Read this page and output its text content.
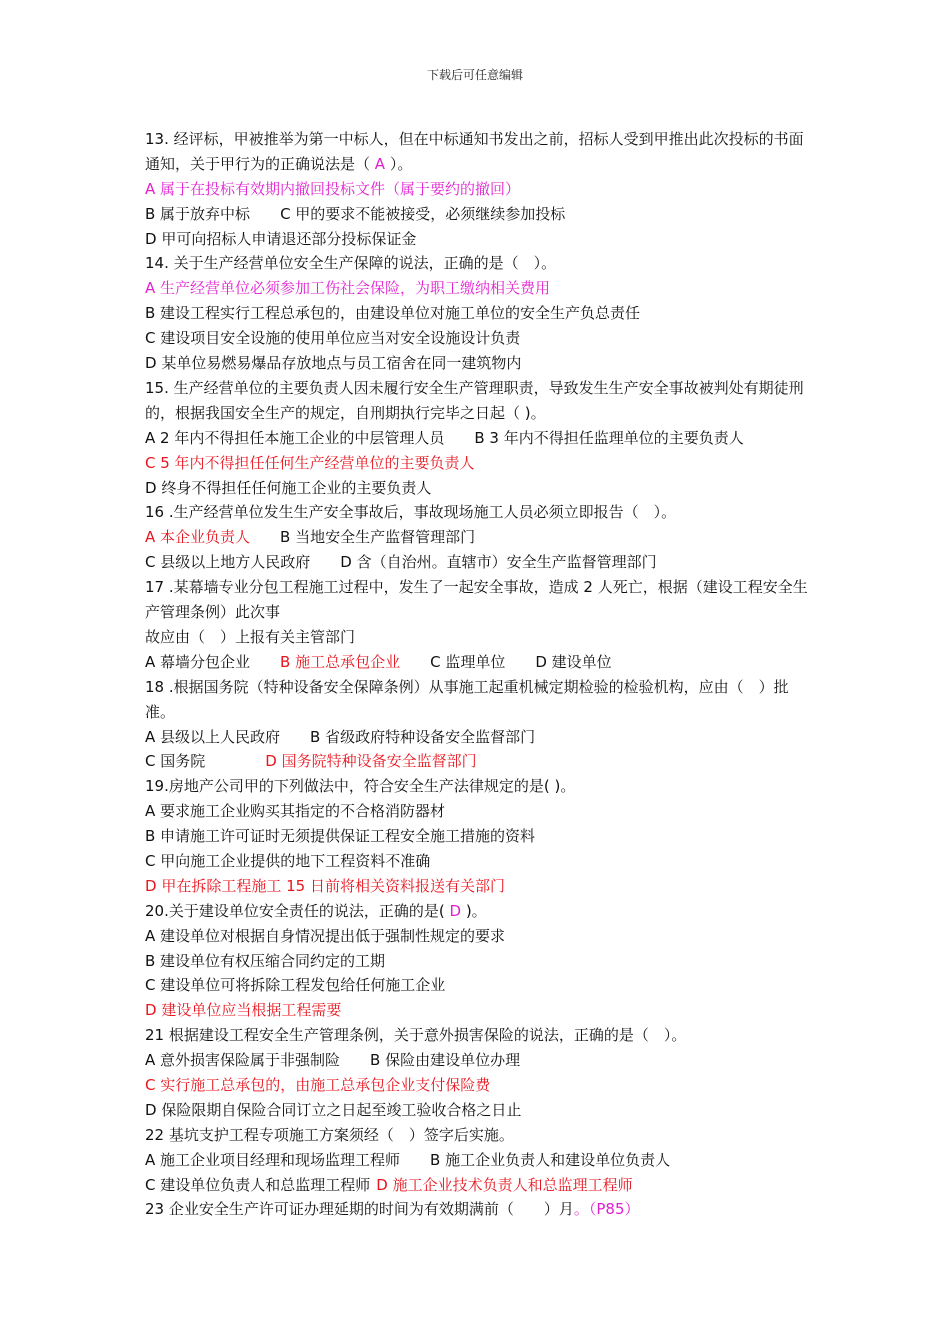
下载后可任意编辑
13. 经评标，甲被推举为第一中标人，但在中标通知书发出之前，招标人受到甲推出此次投标的书面通知，关于甲行为的正确说法是（ A ）。
A 属于在投标有效期内撤回投标文件（属于要约的撤回）
B 属于放弃中标 C 甲的要求不能被接受，必须继续参加投标
D 甲可向招标人申请退还部分投标保证金
14. 关于生产经营单位安全生产保障的说法，正确的是（　）。
A 生产经营单位必须参加工伤社会保险，为职工缴纳相关费用
B 建设工程实行工程总承包的，由建设单位对施工单位的安全生产负总责任
C 建设项目安全设施的使用单位应当对安全设施设计负责
D 某单位易燃易爆品存放地点与员工宿舍在同一建筑物内
15. 生产经营单位的主要负责人因未履行安全生产管理职责，导致发生生产安全事故被判处有期徒刑的，根据我国安全生产的规定，自刑期执行完毕之日起（ )。
A 2 年内不得担任本施工企业的中层管理人员 B 3 年内不得担任监理单位的主要负责人
C 5 年内不得担任任何生产经营单位的主要负责人
D 终身不得担任任何施工企业的主要负责人
16 .生产经营单位发生生产安全事故后，事故现场施工人员必须立即报告（　）。
A 本企业负责人 B 当地安全生产监督管理部门
C 县级以上地方人民政府 D 含（自治州。直辖市）安全生产监督管理部门
17 .某幕墙专业分包工程施工过程中，发生了一起安全事故，造成 2 人死亡，根据（建设工程安全生产管理条例）此次事
故应由（　）上报有关主管部门
A 幕墙分包企业 B 施工总承包企业 C 监理单位 D 建设单位
18 .根据国务院（特种设备安全保障条例）从事施工起重机械定期检验的检验机构，应由（　）批准。
A 县级以上人民政府 B 省级政府特种设备安全监督部门
C 国务院	D 国务院特种设备安全监督部门
19.房地产公司甲的下列做法中，符合安全生产法律规定的是( )。
A 要求施工企业购买其指定的不合格消防器材
B 申请施工许可证时无须提供保证工程安全施工措施的资料
C 甲向施工企业提供的地下工程资料不准确
D 甲在拆除工程施工 15 日前将相关资料报送有关部门
20.关于建设单位安全责任的说法，正确的是( D )。
A 建设单位对根据自身情况提出低于强制性规定的要求
B 建设单位有权压缩合同约定的工期
C 建设单位可将拆除工程发包给任何施工企业
D 建设单位应当根据工程需要
21 根据建设工程安全生产管理条例，关于意外损害保险的说法，正确的是（　）。
A 意外损害保险属于非强制险 B 保险由建设单位办理
C 实行施工总承包的，由施工总承包企业支付保险费
D 保险限期自保险合同订立之日起至竣工验收合格之日止
22 基坑支护工程专项施工方案须经（　）签字后实施。
A 施工企业项目经理和现场监理工程师 B 施工企业负责人和建设单位负责人
C 建设单位负责人和总监理工程师 D 施工企业技术负责人和总监理工程师
23 企业安全生产许可证办理延期的时间为有效期满前（　　）月。（P85）
